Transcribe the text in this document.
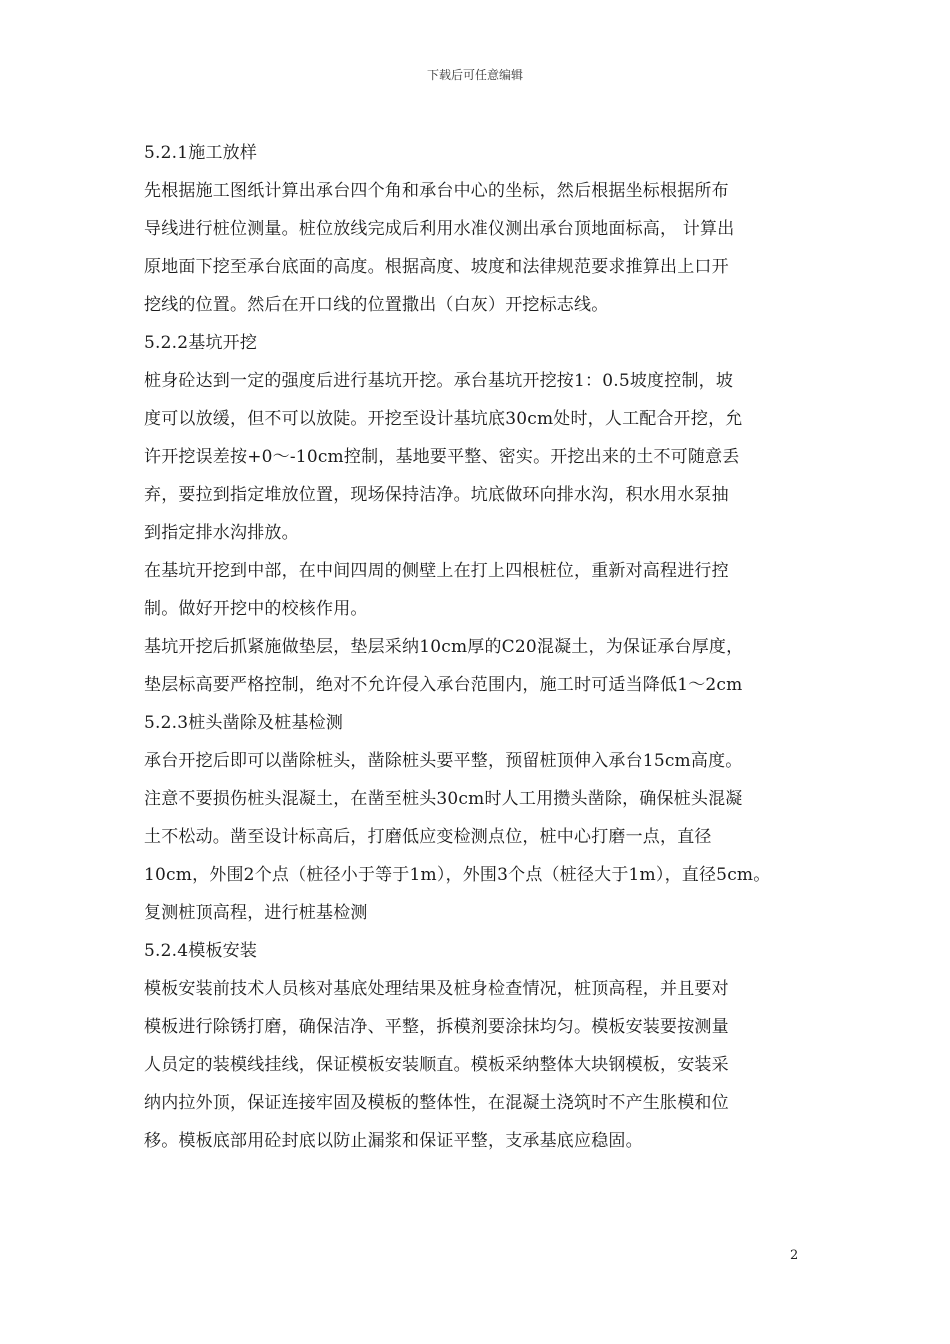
下载后可任意编辑
5.2.1施工放样
先根据施工图纸计算出承台四个角和承台中心的坐标，然后根据坐标根据所布
导线进行桩位测量。桩位放线完成后利用水准仪测出承台顶地面标高， 计算出
原地面下挖至承台底面的高度。根据高度、坡度和法律规范要求推算出上口开
挖线的位置。然后在开口线的位置撒出（白灰）开挖标志线。
5.2.2基坑开挖
桩身砼达到一定的强度后进行基坑开挖。承台基坑开挖按1：0.5坡度控制，坡
度可以放缓，但不可以放陡。开挖至设计基坑底30cm处时，人工配合开挖，允
许开挖误差按+0～-10cm控制，基地要平整、密实。开挖出来的土不可随意丢
弃，要拉到指定堆放位置，现场保持洁净。坑底做环向排水沟，积水用水泵抽
到指定排水沟排放。
在基坑开挖到中部，在中间四周的侧壁上在打上四根桩位，重新对高程进行控
制。做好开挖中的校核作用。
基坑开挖后抓紧施做垫层，垫层采纳10cm厚的C20混凝土，为保证承台厚度，
垫层标高要严格控制，绝对不允许侵入承台范围内，施工时可适当降低1～2cm
5.2.3桩头凿除及桩基检测
承台开挖后即可以凿除桩头，凿除桩头要平整，预留桩顶伸入承台15cm高度。
注意不要损伤桩头混凝土，在凿至桩头30cm时人工用攒头凿除，确保桩头混凝
土不松动。凿至设计标高后，打磨低应变检测点位，桩中心打磨一点，直径
10cm，外围2个点（桩径小于等于1m），外围3个点（桩径大于1m），直径5cm。
复测桩顶高程，进行桩基检测
5.2.4模板安装
模板安装前技术人员核对基底处理结果及桩身检查情况，桩顶高程，并且要对
模板进行除锈打磨，确保洁净、平整，拆模剂要涂抹均匀。模板安装要按测量
人员定的装模线挂线，保证模板安装顺直。模板采纳整体大块钢模板，安装采
纳内拉外顶，保证连接牢固及模板的整体性，在混凝土浇筑时不产生胀模和位
移。模板底部用砼封底以防止漏浆和保证平整，支承基底应稳固。
2
